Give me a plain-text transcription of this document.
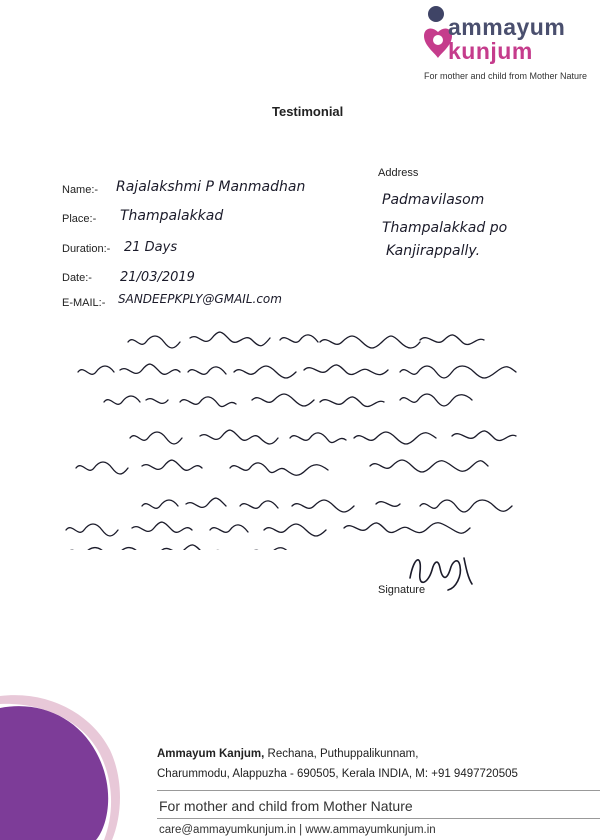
ammayum
kunjum
For mother and child from Mother Nature
Testimonial
Address
Padmavilasom
Thampalakkad po
Kanjirappally.
Name:- Rajalakshmi P Manmadhan
Place:- Thampalakkad
Duration:- 21 Days
Date:- 21/03/2019
E-MAIL:- SANDEEPKPLY@GMAIL.com
Signature
Ammayum Kanjum, Rechana, Puthuppalikunnam,
Charummodu, Alappuzha - 690505, Kerala INDIA, M: +91 9497720505
For mother and child from Mother Nature
care@ammayumkunjum.in | www.ammayumkunjum.in
